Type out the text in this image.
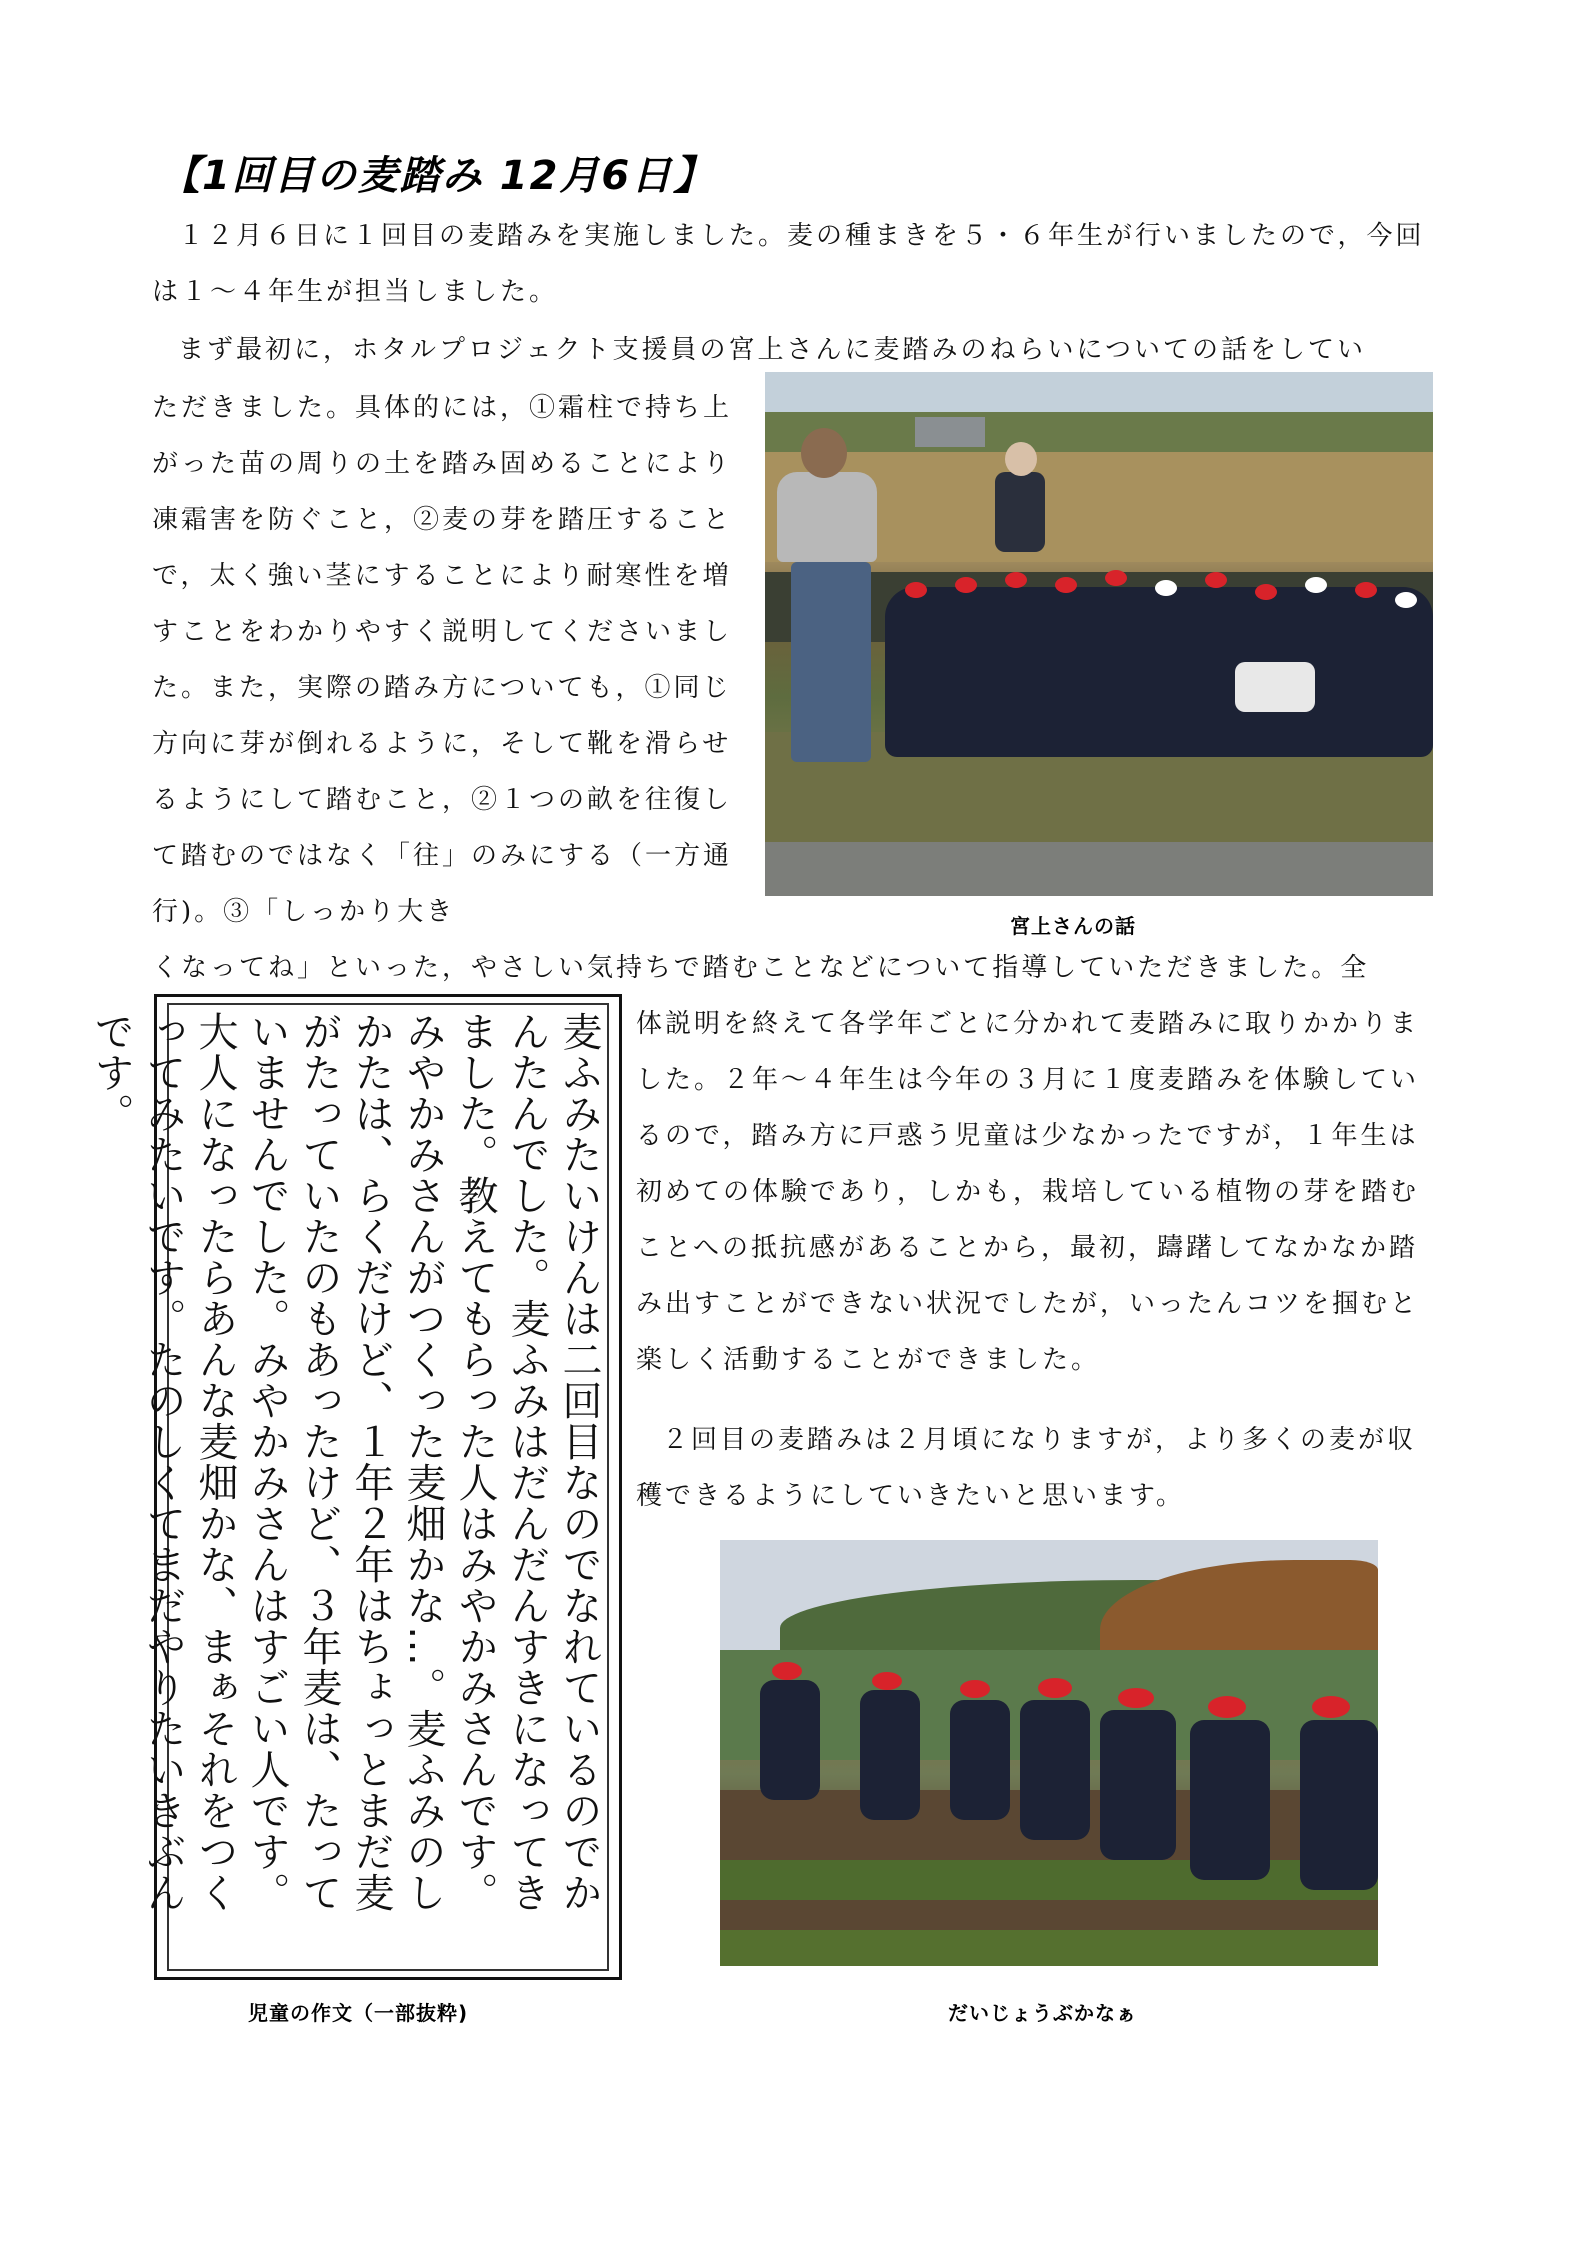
【1回目の麦踏み 12月6日】

１２月６日に１回目の麦踏みを実施しました。麦の種まきを５・６年生が行いましたので，今回は１～４年生が担当しました。

まず最初に，ホタルプロジェクト支援員の宮上さんに麦踏みのねらいについての話をしてい

ただきました。具体的には，①霜柱で持ち上がった苗の周りの土を踏み固めることにより凍霜害を防ぐこと，②麦の芽を踏圧することで，太く強い茎にすることにより耐寒性を増すことをわかりやすく説明してくださいました。また，実際の踏み方についても，①同じ方向に芽が倒れるように，そして靴を滑らせるようにして踏むこと，②１つの畝を往復して踏むのではなく「往」のみにする（一方通行)。③「しっかり大き

くなってね」といった，やさしい気持ちで踏むことなどについて指導していただきました。全

体説明を終えて各学年ごとに分かれて麦踏みに取りかかりました。２年～４年生は今年の３月に１度麦踏みを体験しているので，踏み方に戸惑う児童は少なかったですが，１年生は初めての体験であり，しかも，栽培している植物の芽を踏むことへの抵抗感があることから，最初，躊躇してなかなか踏み出すことができない状況でしたが，いったんコツを掴むと楽しく活動することができました。

２回目の麦踏みは２月頃になりますが，より多くの麦が収穫できるようにしていきたいと思います。

宮上さんの話
麦ふみたいけんは二回目なのでなれているのでかんたんでした。麦ふみはだんだんすきになってきました。教えてもらった人はみやかみさんです。みやかみさんがつくった麦畑かな…。麦ふみのしかたは、らくだけど、１年２年はちょっとまだ麦がたっていたのもあったけど、３年麦は、たっていませんでした。みやかみさんはすごい人です。大人になったらあんな麦畑かな、まぁそれをつくってみたいです。たのしくてまだやりたいきぶんです。
児童の作文（一部抜粋)	だいじょうぶかなぁ
